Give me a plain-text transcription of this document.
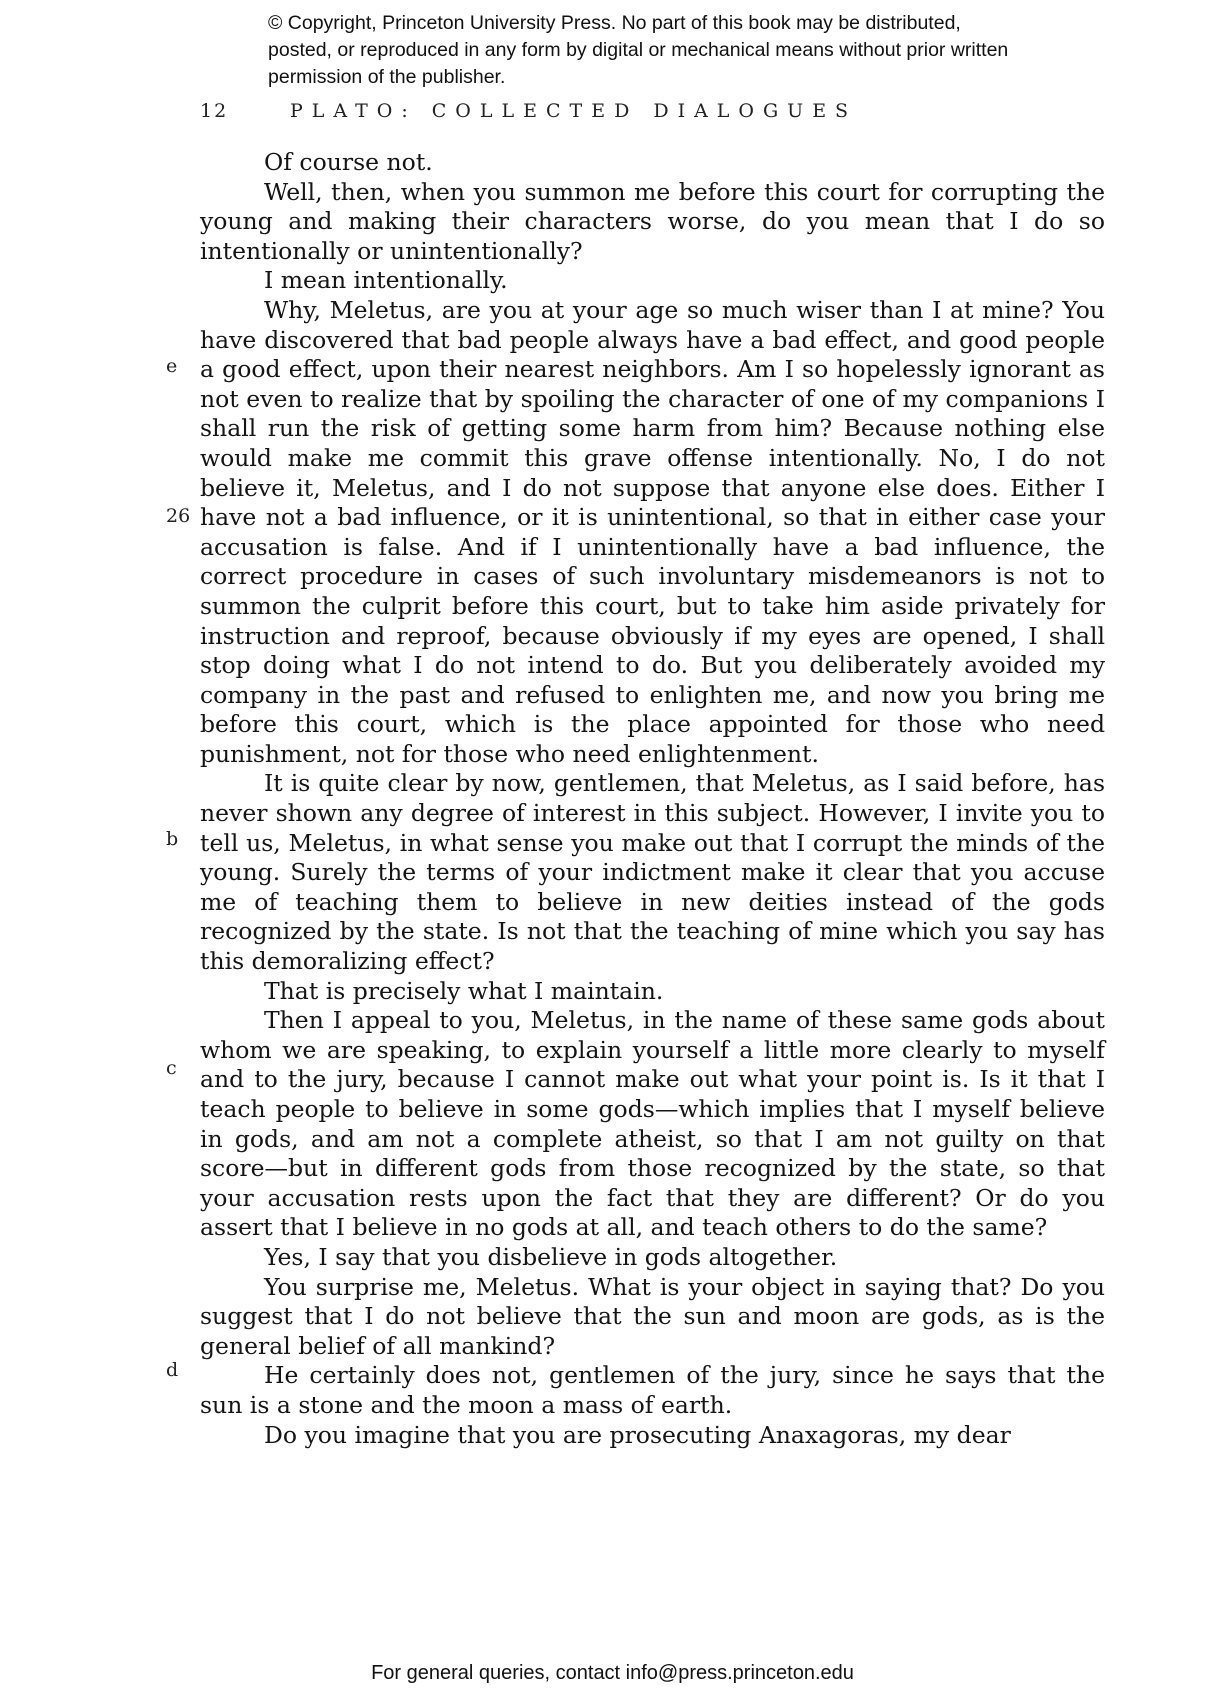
© Copyright, Princeton University Press. No part of this book may be distributed, posted, or reproduced in any form by digital or mechanical means without prior written permission of the publisher.
12	PLATO: COLLECTED DIALOGUES
e
26
b
c
d

Of course not.

Well, then, when you summon me before this court for corrupting the young and making their characters worse, do you mean that I do so intentionally or unintentionally?

I mean intentionally.

Why, Meletus, are you at your age so much wiser than I at mine? You have discovered that bad people always have a bad effect, and good people a good effect, upon their nearest neighbors. Am I so hopelessly ignorant as not even to realize that by spoiling the character of one of my companions I shall run the risk of getting some harm from him? Because nothing else would make me commit this grave offense intentionally. No, I do not believe it, Meletus, and I do not suppose that anyone else does. Either I have not a bad influence, or it is unintentional, so that in either case your accusation is false. And if I unintentionally have a bad influence, the correct procedure in cases of such involuntary misdemeanors is not to summon the culprit before this court, but to take him aside privately for instruction and reproof, because obviously if my eyes are opened, I shall stop doing what I do not intend to do. But you deliberately avoided my company in the past and refused to enlighten me, and now you bring me before this court, which is the place appointed for those who need punishment, not for those who need enlightenment.

It is quite clear by now, gentlemen, that Meletus, as I said before, has never shown any degree of interest in this subject. However, I invite you to tell us, Meletus, in what sense you make out that I corrupt the minds of the young. Surely the terms of your indictment make it clear that you accuse me of teaching them to believe in new deities instead of the gods recognized by the state. Is not that the teaching of mine which you say has this demoralizing effect?

That is precisely what I maintain.

Then I appeal to you, Meletus, in the name of these same gods about whom we are speaking, to explain yourself a little more clearly to myself and to the jury, because I cannot make out what your point is. Is it that I teach people to believe in some gods—which implies that I myself believe in gods, and am not a complete atheist, so that I am not guilty on that score—but in different gods from those recognized by the state, so that your accusation rests upon the fact that they are different? Or do you assert that I believe in no gods at all, and teach others to do the same?

Yes, I say that you disbelieve in gods altogether.

You surprise me, Meletus. What is your object in saying that? Do you suggest that I do not believe that the sun and moon are gods, as is the general belief of all mankind?

He certainly does not, gentlemen of the jury, since he says that the sun is a stone and the moon a mass of earth.

Do you imagine that you are prosecuting Anaxagoras, my dear

For general queries, contact info@press.princeton.edu
